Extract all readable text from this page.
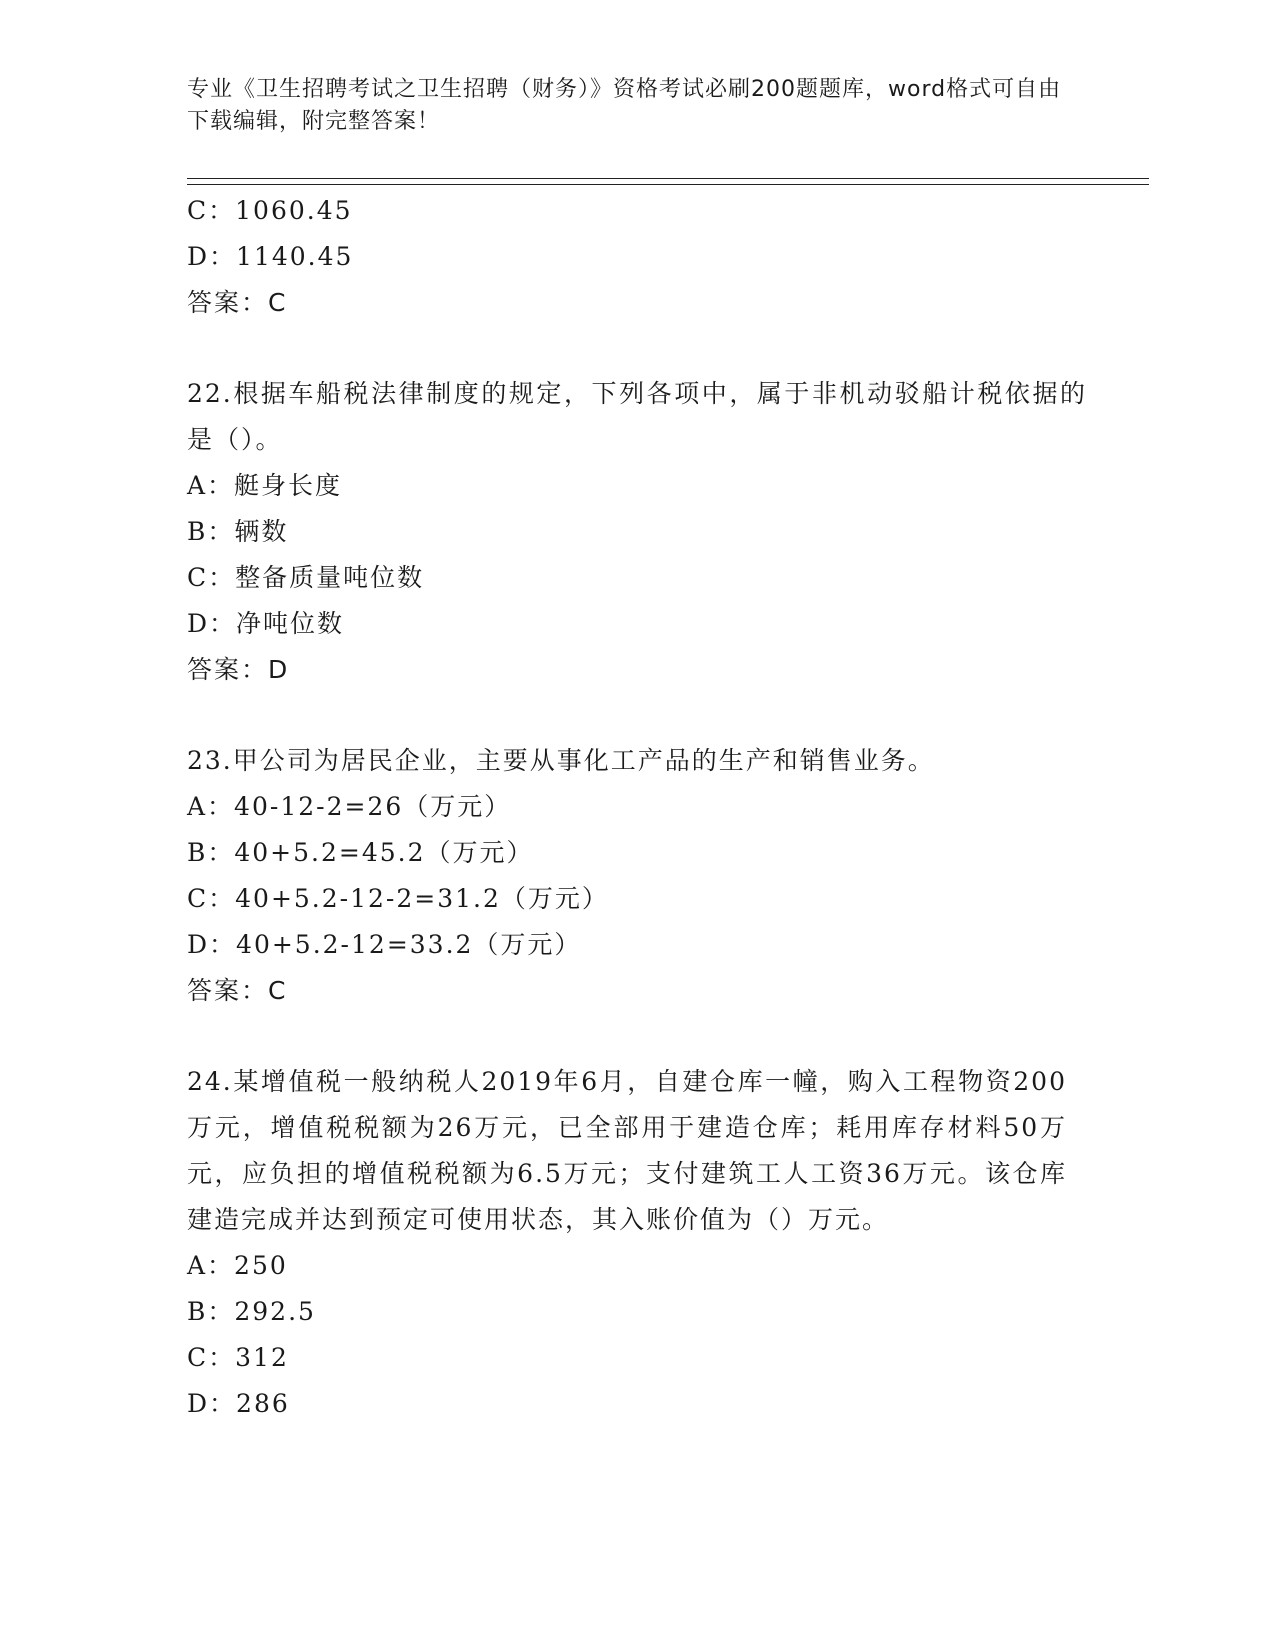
专业《卫生招聘考试之卫生招聘（财务）》资格考试必刷200题题库，word格式可自由下载编辑，附完整答案！
C：1060.45
D：1140.45
答案：C
22.根据车船税法律制度的规定，下列各项中，属于非机动驳船计税依据的是（）。
A：艇身长度
B：辆数
C：整备质量吨位数
D：净吨位数
答案：D
23.甲公司为居民企业，主要从事化工产品的生产和销售业务。
A：40-12-2=26（万元）
B：40+5.2=45.2（万元）
C：40+5.2-12-2=31.2（万元）
D：40+5.2-12=33.2（万元）
答案：C
24.某增值税一般纳税人2019年6月，自建仓库一幢，购入工程物资200万元，增值税税额为26万元，已全部用于建造仓库；耗用库存材料50万元，应负担的增值税税额为6.5万元；支付建筑工人工资36万元。该仓库建造完成并达到预定可使用状态，其入账价值为（）万元。
A：250
B：292.5
C：312
D：286
